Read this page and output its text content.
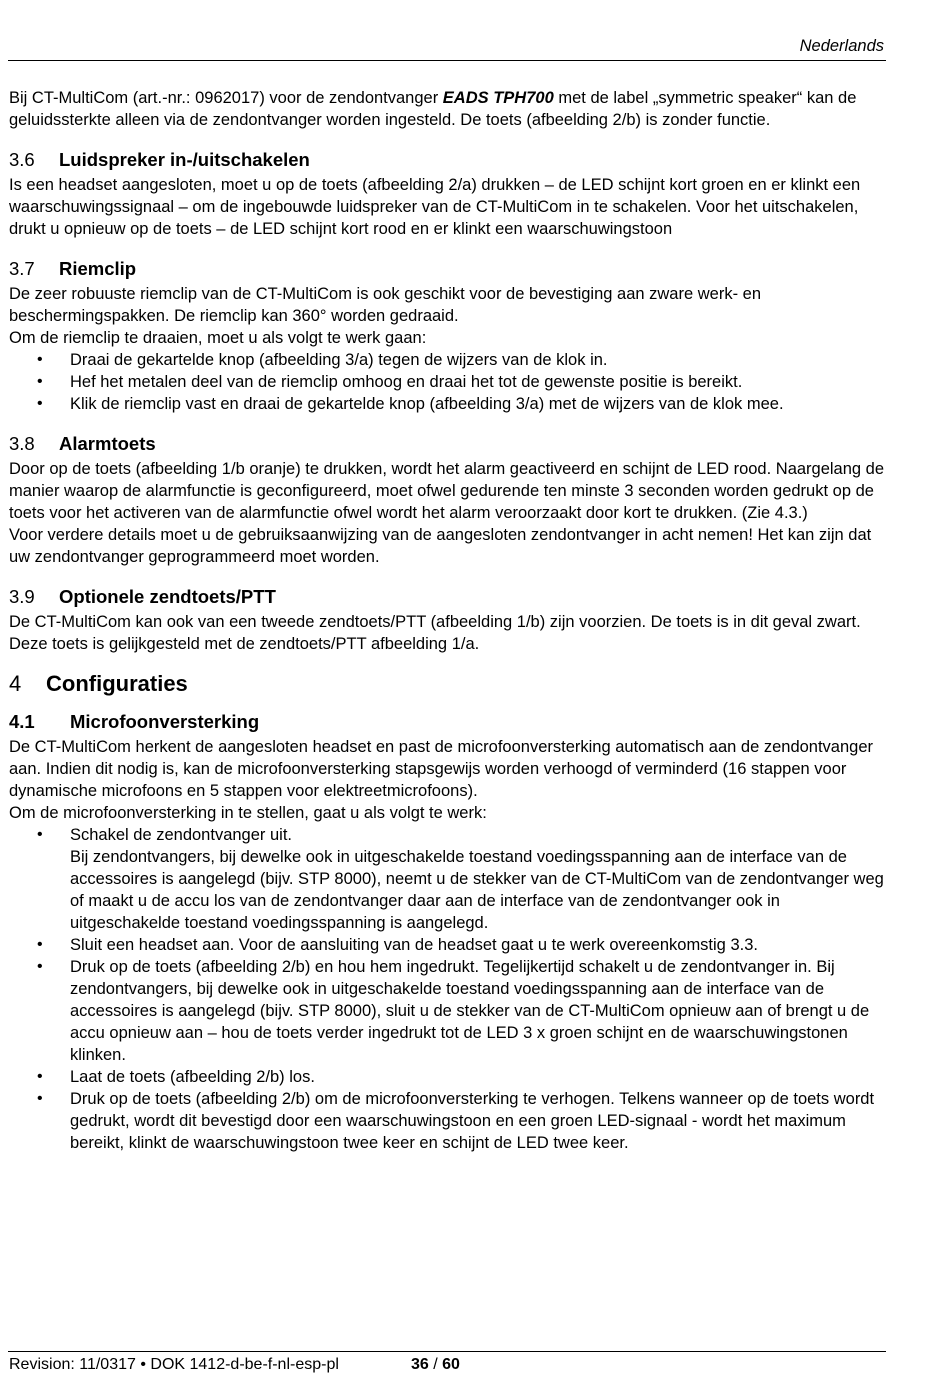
Nederlands

Bij CT-MultiCom (art.-nr.: 0962017) voor de zendontvanger EADS TPH700 met de label „symmetric speaker“ kan de geluidssterkte alleen via de zendontvanger worden ingesteld. De toets (afbeelding 2/b) is zonder functie.

3.6 Luidspreker in-/uitschakelen

Is een headset aangesloten, moet u op de toets (afbeelding 2/a) drukken – de LED schijnt kort groen en er klinkt een waarschuwingssignaal – om de ingebouwde luidspreker van de CT-MultiCom in te schakelen. Voor het uitschakelen, drukt u opnieuw op de toets – de LED schijnt kort rood en er klinkt een waarschuwingstoon

3.7 Riemclip

De zeer robuuste riemclip van de CT-MultiCom is ook geschikt voor de bevestiging aan zware werk- en beschermingspakken. De riemclip kan 360° worden gedraaid.

Om de riemclip te draaien, moet u als volgt te werk gaan:

• Draai de gekartelde knop (afbeelding 3/a) tegen de wijzers van de klok in.
• Hef het metalen deel van de riemclip omhoog en draai het tot de gewenste positie is bereikt.
• Klik de riemclip vast en draai de gekartelde knop (afbeelding 3/a) met de wijzers van de klok mee.
3.8 Alarmtoets

Door op de toets (afbeelding 1/b oranje) te drukken, wordt het alarm geactiveerd en schijnt de LED rood. Naargelang de manier waarop de alarmfunctie is geconfigureerd, moet ofwel gedurende ten minste 3 seconden worden gedrukt op de toets voor het activeren van de alarmfunctie ofwel wordt het alarm veroorzaakt door kort te drukken. (Zie 4.3.)

Voor verdere details moet u de gebruiksaanwijzing van de aangesloten zendontvanger in acht nemen! Het kan zijn dat uw zendontvanger geprogrammeerd moet worden.

3.9 Optionele zendtoets/PTT

De CT-MultiCom kan ook van een tweede zendtoets/PTT (afbeelding 1/b) zijn voorzien. De toets is in dit geval zwart. Deze toets is gelijkgesteld met de zendtoets/PTT afbeelding 1/a.

4 Configuraties
4.1 Microfoonversterking

De CT-MultiCom herkent de aangesloten headset en past de microfoonversterking automatisch aan de zendontvanger aan. Indien dit nodig is, kan de microfoonversterking stapsgewijs worden verhoogd of verminderd (16 stappen voor dynamische microfoons en 5 stappen voor elektreetmicrofoons).

Om de microfoonversterking in te stellen, gaat u als volgt te werk:

• Schakel de zendontvanger uit.
Bij zendontvangers, bij dewelke ook in uitgeschakelde toestand voedingsspanning aan de interface van de accessoires is aangelegd (bijv. STP 8000), neemt u de stekker van de CT-MultiCom van de zendontvanger weg of maakt u de accu los van de zendontvanger daar aan de interface van de zendontvanger ook in uitgeschakelde toestand voedingsspanning is aangelegd.
• Sluit een headset aan. Voor de aansluiting van de headset gaat u te werk overeenkomstig 3.3.
• Druk op de toets (afbeelding 2/b) en hou hem ingedrukt. Tegelijkertijd schakelt u de zendontvanger in. Bij zendontvangers, bij dewelke ook in uitgeschakelde toestand voedingsspanning aan de interface van de accessoires is aangelegd (bijv. STP 8000), sluit u de stekker van de CT-MultiCom opnieuw aan of brengt u de accu opnieuw aan – hou de toets verder ingedrukt tot de LED 3 x groen schijnt en de waarschuwingstonen klinken.
• Laat de toets (afbeelding 2/b) los.
• Druk op de toets (afbeelding 2/b) om de microfoonversterking te verhogen. Telkens wanneer op de toets wordt gedrukt, wordt dit bevestigd door een waarschuwingstoon en een groen LED-signaal - wordt het maximum bereikt, klinkt de waarschuwingstoon twee keer en schijnt de LED twee keer.
Revision: 11/0317 • DOK 1412-d-be-f-nl-esp-pl	36 / 60
